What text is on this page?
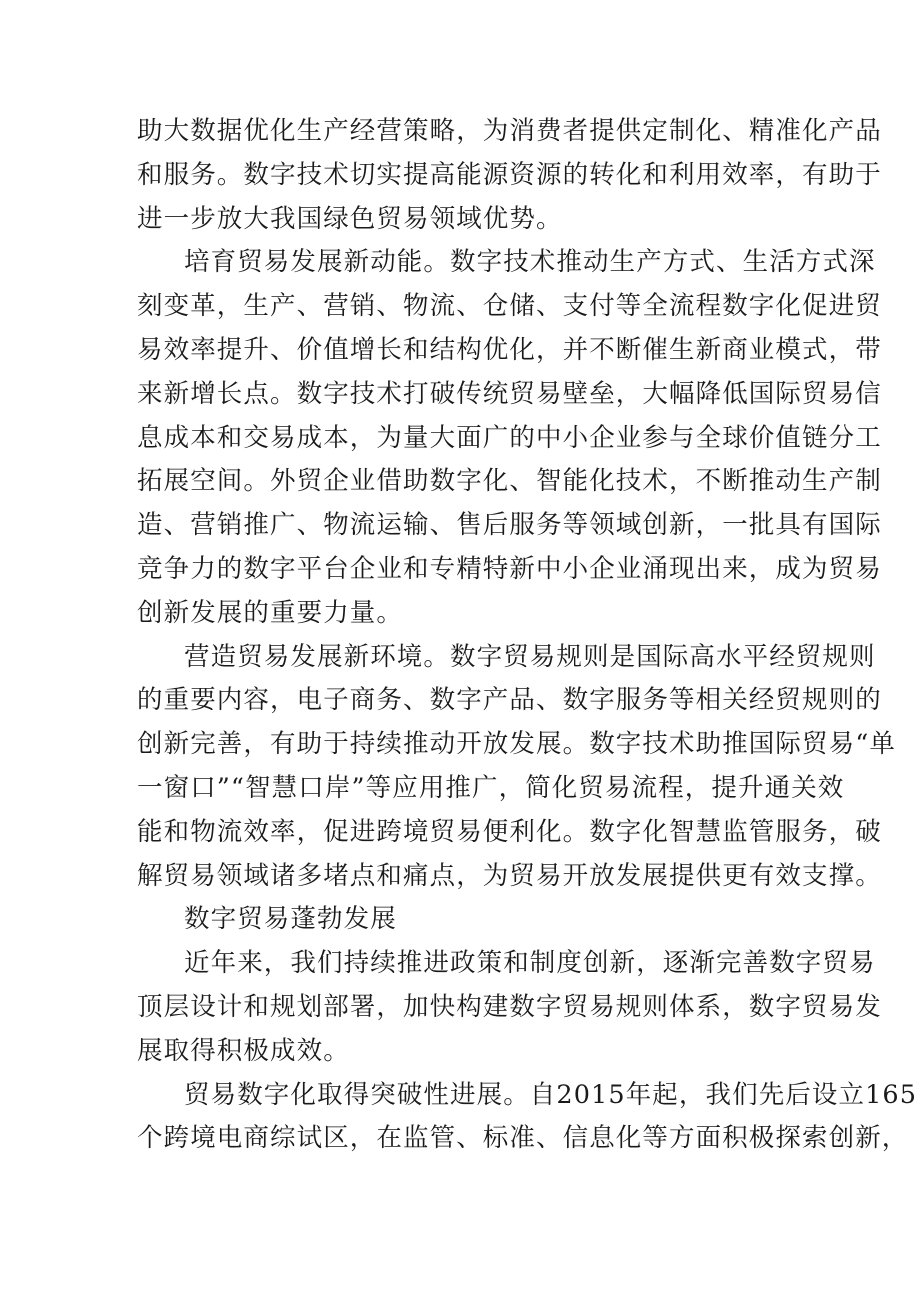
助大数据优化生产经营策略，为消费者提供定制化、精准化产品
和服务。数字技术切实提高能源资源的转化和利用效率，有助于
进一步放大我国绿色贸易领域优势。
培育贸易发展新动能。数字技术推动生产方式、生活方式深
刻变革，生产、营销、物流、仓储、支付等全流程数字化促进贸
易效率提升、价值增长和结构优化，并不断催生新商业模式，带
来新增长点。数字技术打破传统贸易壁垒，大幅降低国际贸易信
息成本和交易成本，为量大面广的中小企业参与全球价值链分工
拓展空间。外贸企业借助数字化、智能化技术，不断推动生产制
造、营销推广、物流运输、售后服务等领域创新，一批具有国际
竞争力的数字平台企业和专精特新中小企业涌现出来，成为贸易
创新发展的重要力量。
营造贸易发展新环境。数字贸易规则是国际高水平经贸规则
的重要内容，电子商务、数字产品、数字服务等相关经贸规则的
创新完善，有助于持续推动开放发展。数字技术助推国际贸易“单
一窗口”“智慧口岸”等应用推广，简化贸易流程，提升通关效
能和物流效率，促进跨境贸易便利化。数字化智慧监管服务，破
解贸易领域诸多堵点和痛点，为贸易开放发展提供更有效支撑。
数字贸易蓬勃发展
近年来，我们持续推进政策和制度创新，逐渐完善数字贸易
顶层设计和规划部署，加快构建数字贸易规则体系，数字贸易发
展取得积极成效。
贸易数字化取得突破性进展。自2015年起，我们先后设立165
个跨境电商综试区，在监管、标准、信息化等方面积极探索创新，
